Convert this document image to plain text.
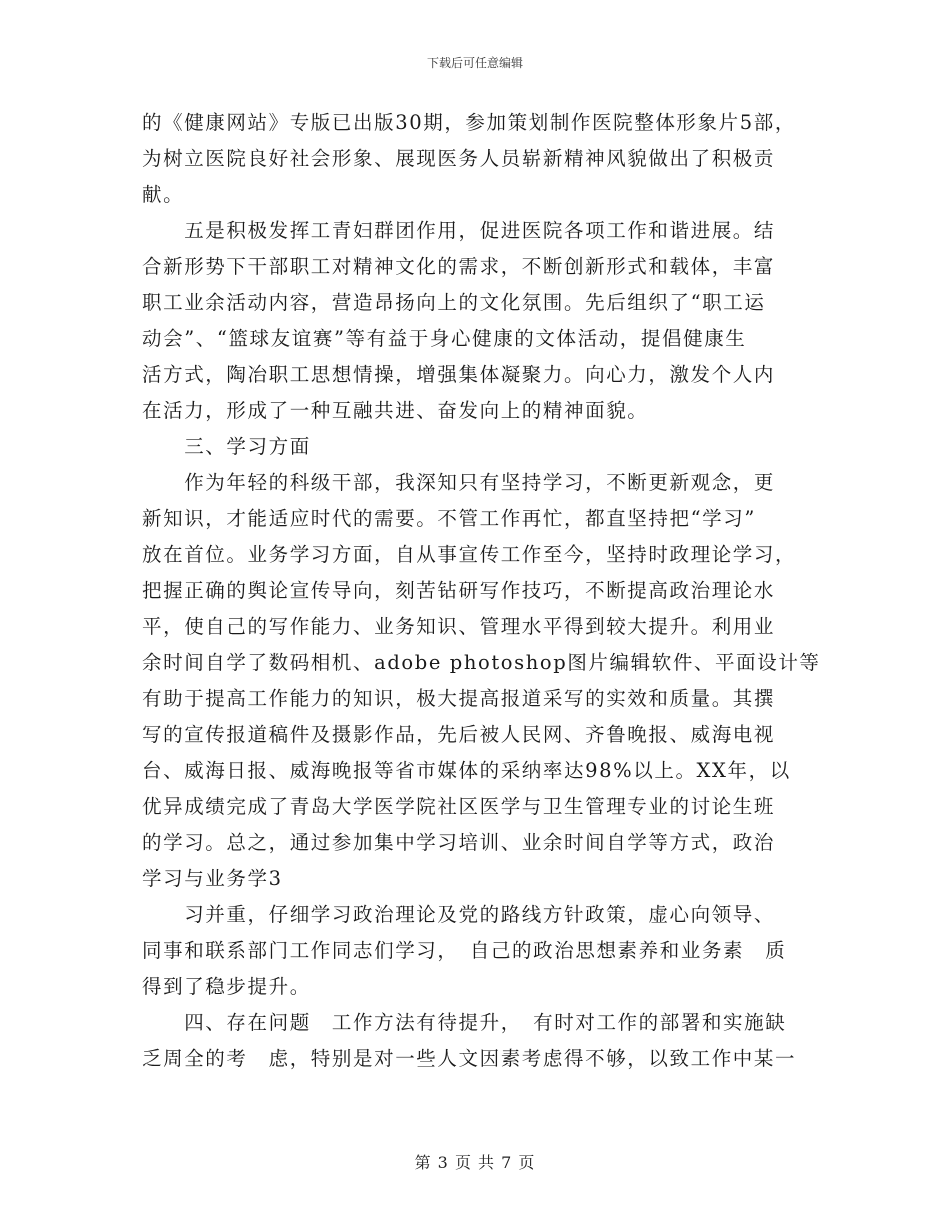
下载后可任意编辑
的《健康网站》专版已出版30期，参加策划制作医院整体形象片5部，
为树立医院良好社会形象、展现医务人员崭新精神风貌做出了积极贡
献。
　　五是积极发挥工青妇群团作用，促进医院各项工作和谐进展。结
合新形势下干部职工对精神文化的需求，不断创新形式和载体，丰富
职工业余活动内容，营造昂扬向上的文化氛围。先后组织了“职工运
动会”、“篮球友谊赛”等有益于身心健康的文体活动，提倡健康生
活方式，陶冶职工思想情操，增强集体凝聚力。向心力，激发个人内
在活力，形成了一种互融共进、奋发向上的精神面貌。
　　三、学习方面
　　作为年轻的科级干部，我深知只有坚持学习，不断更新观念，更
新知识，才能适应时代的需要。不管工作再忙，都直坚持把“学习”
放在首位。业务学习方面，自从事宣传工作至今，坚持时政理论学习，
把握正确的舆论宣传导向，刻苦钻研写作技巧，不断提高政治理论水
平，使自己的写作能力、业务知识、管理水平得到较大提升。利用业
余时间自学了数码相机、adobe photoshop图片编辑软件、平面设计等
有助于提高工作能力的知识，极大提高报道采写的实效和质量。其撰
写的宣传报道稿件及摄影作品，先后被人民网、齐鲁晚报、威海电视
台、威海日报、威海晚报等省市媒体的采纳率达98%以上。XX年，以
优异成绩完成了青岛大学医学院社区医学与卫生管理专业的讨论生班
的学习。总之，通过参加集中学习培训、业余时间自学等方式，政治
学习与业务学3
　　习并重，仔细学习政治理论及党的路线方针政策，虚心向领导、
同事和联系部门工作同志们学习，　自己的政治思想素养和业务素　质
得到了稳步提升。
　　四、存在问题　工作方法有待提升，　有时对工作的部署和实施缺
乏周全的考　虑，特别是对一些人文因素考虑得不够，以致工作中某一
第 3 页 共 7 页
